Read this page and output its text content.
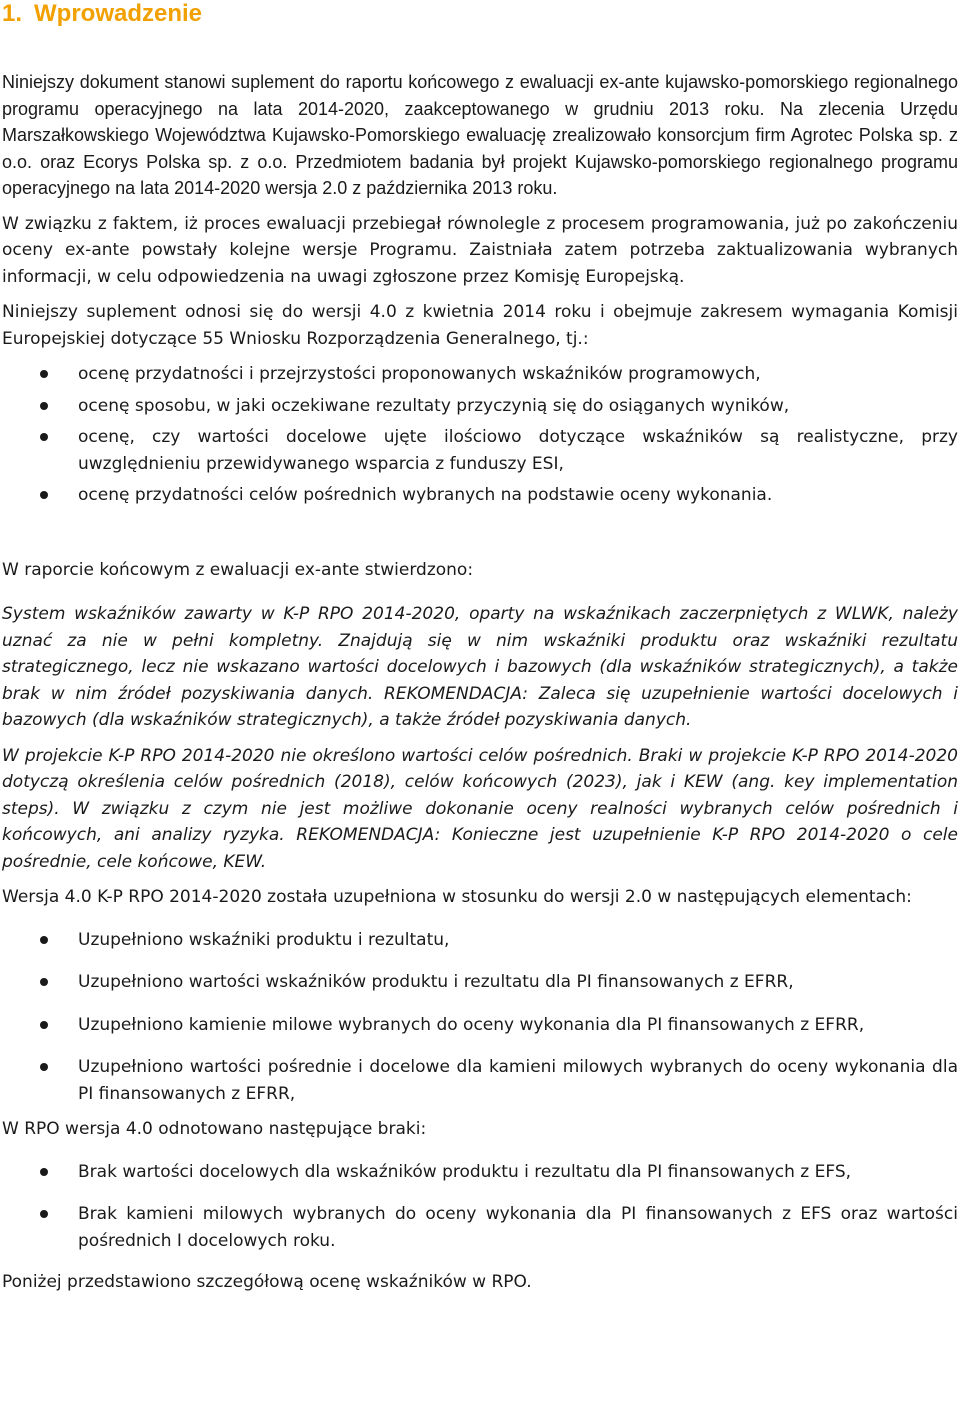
1. Wprowadzenie

Niniejszy dokument stanowi suplement do raportu końcowego z ewaluacji ex-ante kujawsko-pomorskiego regionalnego programu operacyjnego na lata 2014-2020, zaakceptowanego w grudniu 2013 roku. Na zlecenia Urzędu Marszałkowskiego Województwa Kujawsko-Pomorskiego ewaluację zrealizowało konsorcjum firm Agrotec Polska sp. z o.o. oraz Ecorys Polska sp. z o.o. Przedmiotem badania był projekt Kujawsko-pomorskiego regionalnego programu operacyjnego na lata 2014-2020 wersja 2.0 z października 2013 roku.

W związku z faktem, iż proces ewaluacji przebiegał równolegle z procesem programowania, już po zakończeniu oceny ex-ante powstały kolejne wersje Programu. Zaistniała zatem potrzeba zaktualizowania wybranych informacji, w celu odpowiedzenia na uwagi zgłoszone przez Komisję Europejską.

Niniejszy suplement odnosi się do wersji 4.0 z kwietnia 2014 roku i obejmuje zakresem wymagania Komisji Europejskiej dotyczące 55 Wniosku Rozporządzenia Generalnego, tj.:

ocenę przydatności i przejrzystości proponowanych wskaźników programowych,
ocenę sposobu, w jaki oczekiwane rezultaty przyczynią się do osiąganych wyników,
ocenę, czy wartości docelowe ujęte ilościowo dotyczące wskaźników są realistyczne, przy uwzględnieniu przewidywanego wsparcia z funduszy ESI,
ocenę przydatności celów pośrednich wybranych na podstawie oceny wykonania.

W raporcie końcowym z ewaluacji ex-ante stwierdzono:

System wskaźników zawarty w K-P RPO 2014-2020, oparty na wskaźnikach zaczerpniętych z WLWK, należy uznać za nie w pełni kompletny. Znajdują się w nim wskaźniki produktu oraz wskaźniki rezultatu strategicznego, lecz nie wskazano wartości docelowych i bazowych (dla wskaźników strategicznych), a także brak w nim źródeł pozyskiwania danych. REKOMENDACJA: Zaleca się uzupełnienie wartości docelowych i bazowych (dla wskaźników strategicznych), a także źródeł pozyskiwania danych.

W projekcie K-P RPO 2014-2020 nie określono wartości celów pośrednich. Braki w projekcie K-P RPO 2014-2020 dotyczą określenia celów pośrednich (2018), celów końcowych (2023), jak i KEW (ang. key implementation steps). W związku z czym nie jest możliwe dokonanie oceny realności wybranych celów pośrednich i końcowych, ani analizy ryzyka. REKOMENDACJA: Konieczne jest uzupełnienie K-P RPO 2014-2020 o cele pośrednie, cele końcowe, KEW.

Wersja 4.0 K-P RPO 2014-2020 została uzupełniona w stosunku do wersji 2.0 w następujących elementach:

Uzupełniono wskaźniki produktu i rezultatu,
Uzupełniono wartości wskaźników produktu i rezultatu dla PI finansowanych z EFRR,
Uzupełniono kamienie milowe wybranych do oceny wykonania dla PI finansowanych z EFRR,
Uzupełniono wartości pośrednie i docelowe dla kamieni milowych wybranych do oceny wykonania dla PI finansowanych z EFRR,

W RPO wersja 4.0 odnotowano następujące braki:

Brak wartości docelowych dla wskaźników produktu i rezultatu dla PI finansowanych z EFS,
Brak kamieni milowych wybranych do oceny wykonania dla PI finansowanych z EFS oraz wartości pośrednich I docelowych roku.

Poniżej przedstawiono szczegółową ocenę wskaźników w RPO.
